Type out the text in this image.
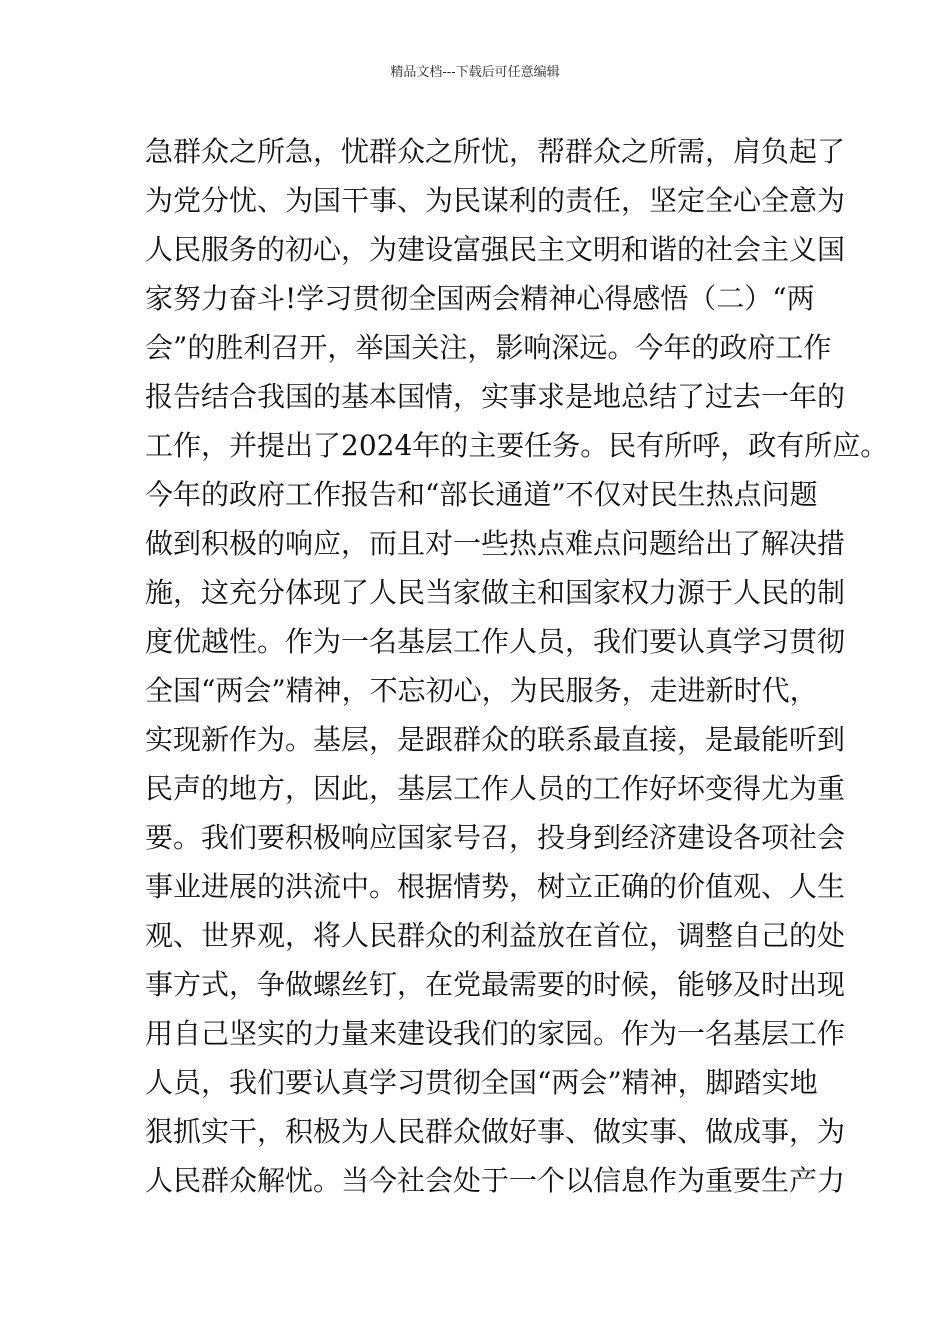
精品文档---下载后可任意编辑
急群众之所急，忧群众之所忧，帮群众之所需，肩负起了
为党分忧、为国干事、为民谋利的责任，坚定全心全意为
人民服务的初心，为建设富强民主文明和谐的社会主义国
家努力奋斗!学习贯彻全国两会精神心得感悟（二）“两
会”的胜利召开，举国关注，影响深远。今年的政府工作
报告结合我国的基本国情，实事求是地总结了过去一年的
工作，并提出了2024年的主要任务。民有所呼，政有所应。
今年的政府工作报告和“部长通道”不仅对民生热点问题
做到积极的响应，而且对一些热点难点问题给出了解决措
施，这充分体现了人民当家做主和国家权力源于人民的制
度优越性。作为一名基层工作人员，我们要认真学习贯彻
全国“两会”精神，不忘初心，为民服务，走进新时代，
实现新作为。基层，是跟群众的联系最直接，是最能听到
民声的地方，因此，基层工作人员的工作好坏变得尤为重
要。我们要积极响应国家号召，投身到经济建设各项社会
事业进展的洪流中。根据情势，树立正确的价值观、人生
观、世界观，将人民群众的利益放在首位，调整自己的处
事方式，争做螺丝钉，在党最需要的时候，能够及时出现
用自己坚实的力量来建设我们的家园。作为一名基层工作
人员，我们要认真学习贯彻全国“两会”精神，脚踏实地
狠抓实干，积极为人民群众做好事、做实事、做成事，为
人民群众解忧。当今社会处于一个以信息作为重要生产力
